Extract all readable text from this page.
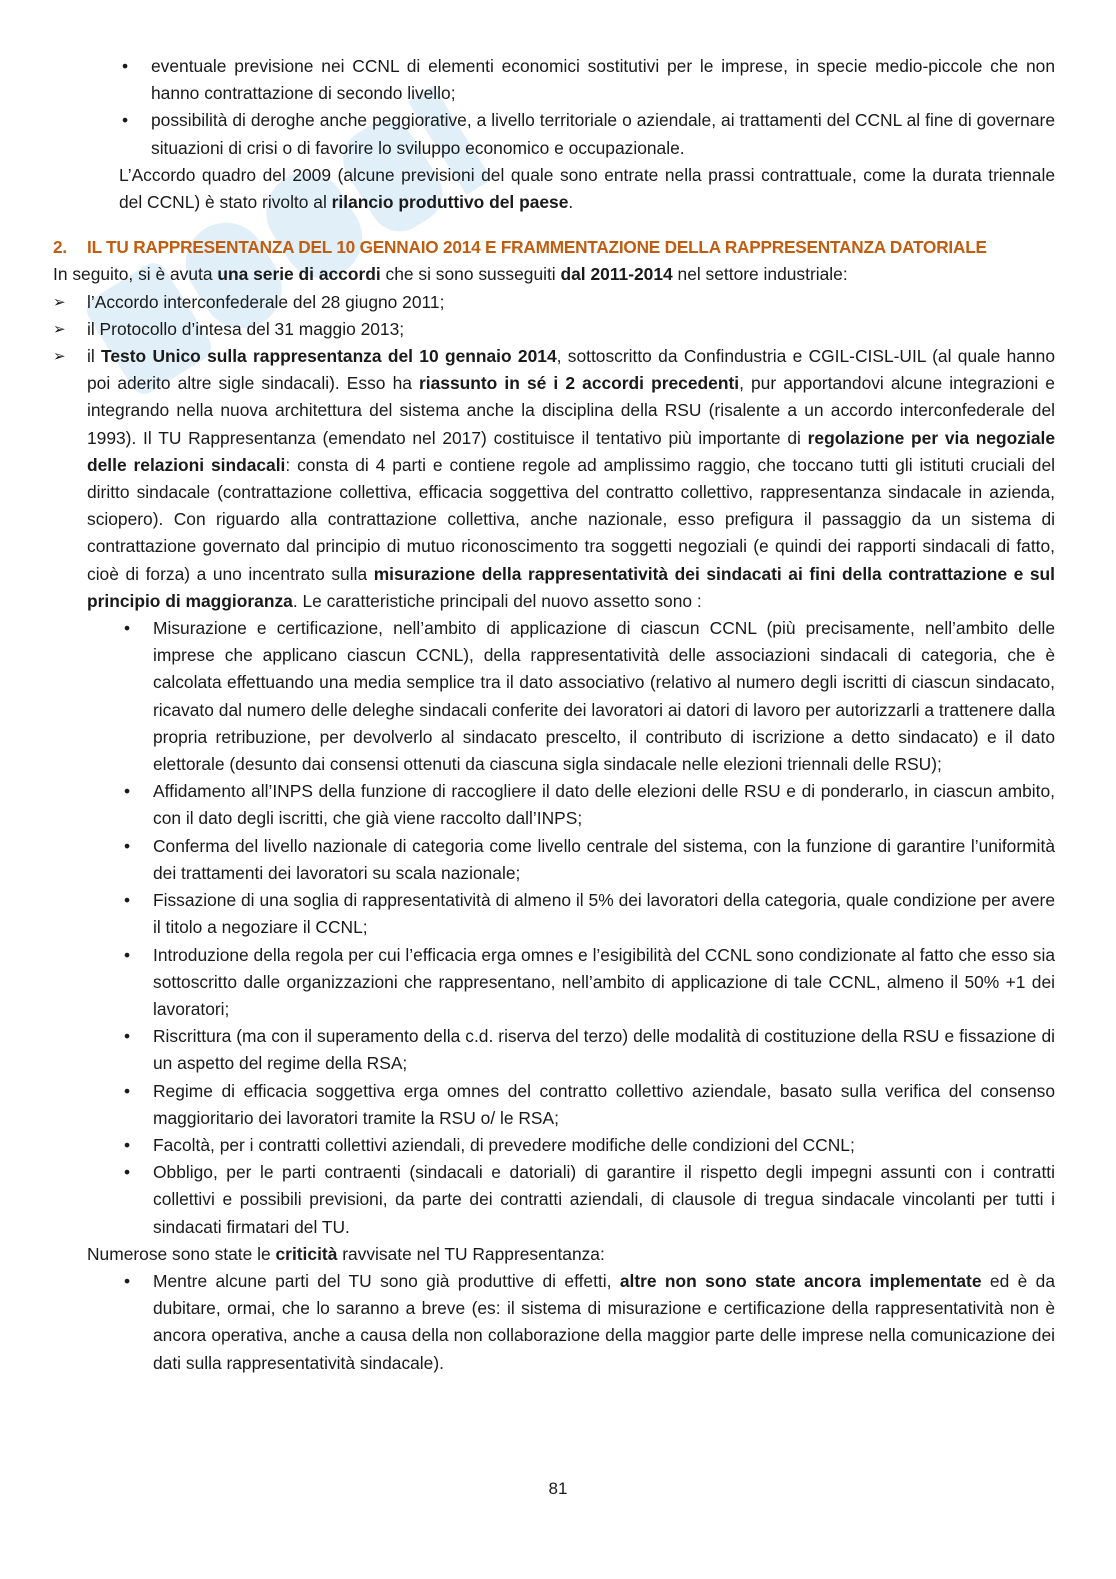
• eventuale previsione nei CCNL di elementi economici sostitutivi per le imprese, in specie medio-piccole che non hanno contrattazione di secondo livello;
• possibilità di deroghe anche peggiorative, a livello territoriale o aziendale, ai trattamenti del CCNL al fine di governare situazioni di crisi o di favorire lo sviluppo economico e occupazionale.

L’Accordo quadro del 2009 (alcune previsioni del quale sono entrate nella prassi contrattuale, come la durata triennale del CCNL) è stato rivolto al rilancio produttivo del paese.

2. IL TU RAPPRESENTANZA DEL 10 GENNAIO 2014 E FRAMMENTAZIONE DELLA RAPPRESENTANZA DATORIALE

In seguito, si è avuta una serie di accordi che si sono susseguiti dal 2011-2014 nel settore industriale:

➢ l’Accordo interconfederale del 28 giugno 2011;
➢ il Protocollo d’intesa del 31 maggio 2013;
➢ il Testo Unico sulla rappresentanza del 10 gennaio 2014, sottoscritto da Confindustria e CGIL-CISL-UIL (al quale hanno poi aderito altre sigle sindacali). Esso ha riassunto in sé i 2 accordi precedenti, pur apportandovi alcune integrazioni e integrando nella nuova architettura del sistema anche la disciplina della RSU (risalente a un accordo interconfederale del 1993). Il TU Rappresentanza (emendato nel 2017) costituisce il tentativo più importante di regolazione per via negoziale delle relazioni sindacali: consta di 4 parti e contiene regole ad amplissimo raggio, che toccano tutti gli istituti cruciali del diritto sindacale (contrattazione collettiva, efficacia soggettiva del contratto collettivo, rappresentanza sindacale in azienda, sciopero). Con riguardo alla contrattazione collettiva, anche nazionale, esso prefigura il passaggio da un sistema di contrattazione governato dal principio di mutuo riconoscimento tra soggetti negoziali (e quindi dei rapporti sindacali di fatto, cioè di forza) a uno incentrato sulla misurazione della rappresentatività dei sindacati ai fini della contrattazione e sul principio di maggioranza. Le caratteristiche principali del nuovo assetto sono :
• Misurazione e certificazione, nell’ambito di applicazione di ciascun CCNL (più precisamente, nell’ambito delle imprese che applicano ciascun CCNL), della rappresentatività delle associazioni sindacali di categoria, che è calcolata effettuando una media semplice tra il dato associativo (relativo al numero degli iscritti di ciascun sindacato, ricavato dal numero delle deleghe sindacali conferite dei lavoratori ai datori di lavoro per autorizzarli a trattenere dalla propria retribuzione, per devolverlo al sindacato prescelto, il contributo di iscrizione a detto sindacato) e il dato elettorale (desunto dai consensi ottenuti da ciascuna sigla sindacale nelle elezioni triennali delle RSU);
• Affidamento all’INPS della funzione di raccogliere il dato delle elezioni delle RSU e di ponderarlo, in ciascun ambito, con il dato degli iscritti, che già viene raccolto dall’INPS;
• Conferma del livello nazionale di categoria come livello centrale del sistema, con la funzione di garantire l’uniformità dei trattamenti dei lavoratori su scala nazionale;
• Fissazione di una soglia di rappresentatività di almeno il 5% dei lavoratori della categoria, quale condizione per avere il titolo a negoziare il CCNL;
• Introduzione della regola per cui l’efficacia erga omnes e l’esigibilità del CCNL sono condizionate al fatto che esso sia sottoscritto dalle organizzazioni che rappresentano, nell’ambito di applicazione di tale CCNL, almeno il 50% +1 dei lavoratori;
• Riscrittura (ma con il superamento della c.d. riserva del terzo) delle modalità di costituzione della RSU e fissazione di un aspetto del regime della RSA;
• Regime di efficacia soggettiva erga omnes del contratto collettivo aziendale, basato sulla verifica del consenso maggioritario dei lavoratori tramite la RSU o/ le RSA;
• Facoltà, per i contratti collettivi aziendali, di prevedere modifiche delle condizioni del CCNL;
• Obbligo, per le parti contraenti (sindacali e datoriali) di garantire il rispetto degli impegni assunti con i contratti collettivi e possibili previsioni, da parte dei contratti aziendali, di clausole di tregua sindacale vincolanti per tutti i sindacati firmatari del TU.

Numerose sono state le criticità ravvisate nel TU Rappresentanza:

• Mentre alcune parti del TU sono già produttive di effetti, altre non sono state ancora implementate ed è da dubitare, ormai, che lo saranno a breve (es: il sistema di misurazione e certificazione della rappresentatività non è ancora operativa, anche a causa della non collaborazione della maggior parte delle imprese nella comunicazione dei dati sulla rappresentatività sindacale).
81
